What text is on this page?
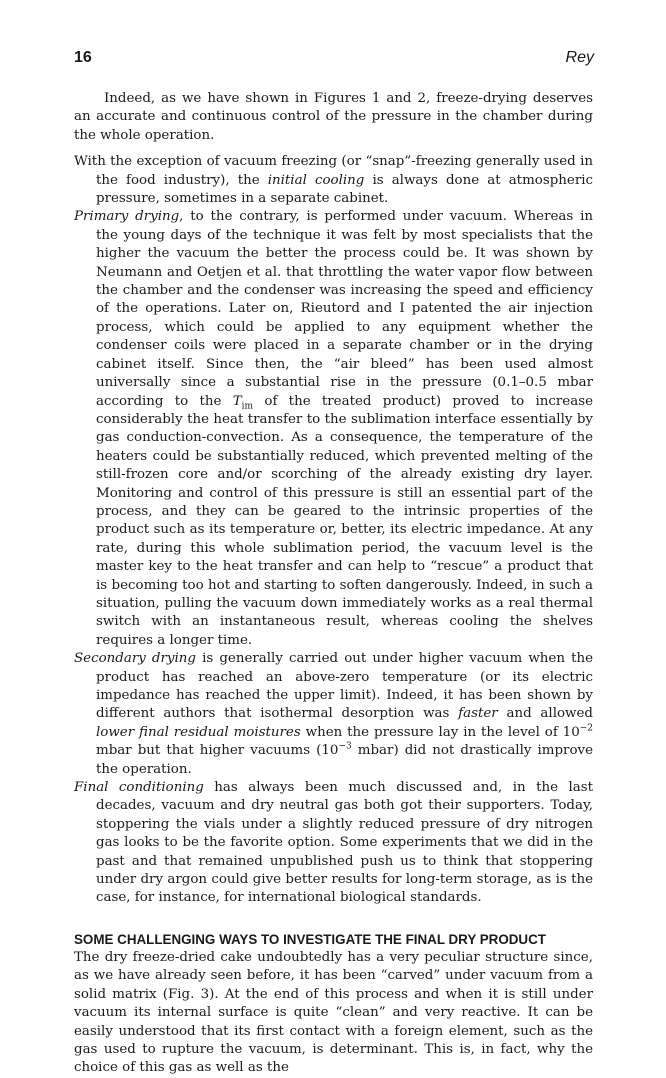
16	Rey

Indeed, as we have shown in Figures 1 and 2, freeze-drying deserves an accurate and continuous control of the pressure in the chamber during the whole operation.

With the exception of vacuum freezing (or “snap”-freezing generally used in the food industry), the initial cooling is always done at atmospheric pressure, sometimes in a separate cabinet.

Primary drying, to the contrary, is performed under vacuum. Whereas in the young days of the technique it was felt by most specialists that the higher the vacuum the better the process could be. It was shown by Neumann and Oetjen et al. that throttling the water vapor flow between the chamber and the condenser was increasing the speed and efficiency of the operations. Later on, Rieutord and I patented the air injection process, which could be applied to any equipment whether the condenser coils were placed in a separate chamber or in the drying cabinet itself. Since then, the “air bleed” has been used almost universally since a substantial rise in the pressure (0.1–0.5 mbar according to the $T_{im}$ of the treated product) proved to increase considerably the heat transfer to the sublimation interface essentially by gas conduction-convection. As a consequence, the temperature of the heaters could be substantially reduced, which prevented melting of the still-frozen core and/or scorching of the already existing dry layer. Monitoring and control of this pressure is still an essential part of the process, and they can be geared to the intrinsic properties of the product such as its temperature or, better, its electric impedance. At any rate, during this whole sublimation period, the vacuum level is the master key to the heat transfer and can help to “rescue” a product that is becoming too hot and starting to soften dangerously. Indeed, in such a situation, pulling the vacuum down immediately works as a real thermal switch with an instantaneous result, whereas cooling the shelves requires a longer time.

Secondary drying is generally carried out under higher vacuum when the product has reached an above-zero temperature (or its electric impedance has reached the upper limit). Indeed, it has been shown by different authors that isothermal desorption was faster and allowed lower final residual moistures when the pressure lay in the level of $10^{-2}$ mbar but that higher vacuums ($10^{-3}$ mbar) did not drastically improve the operation.

Final conditioning has always been much discussed and, in the last decades, vacuum and dry neutral gas both got their supporters. Today, stoppering the vials under a slightly reduced pressure of dry nitrogen gas looks to be the favorite option. Some experiments that we did in the past and that remained unpublished push us to think that stoppering under dry argon could give better results for long-term storage, as is the case, for instance, for international biological standards.

SOME CHALLENGING WAYS TO INVESTIGATE THE FINAL DRY PRODUCT

The dry freeze-dried cake undoubtedly has a very peculiar structure since, as we have already seen before, it has been “carved” under vacuum from a solid matrix (Fig. 3). At the end of this process and when it is still under vacuum its internal surface is quite “clean” and very reactive. It can be easily understood that its first contact with a foreign element, such as the gas used to rupture the vacuum, is determinant. This is, in fact, why the choice of this gas as well as the
